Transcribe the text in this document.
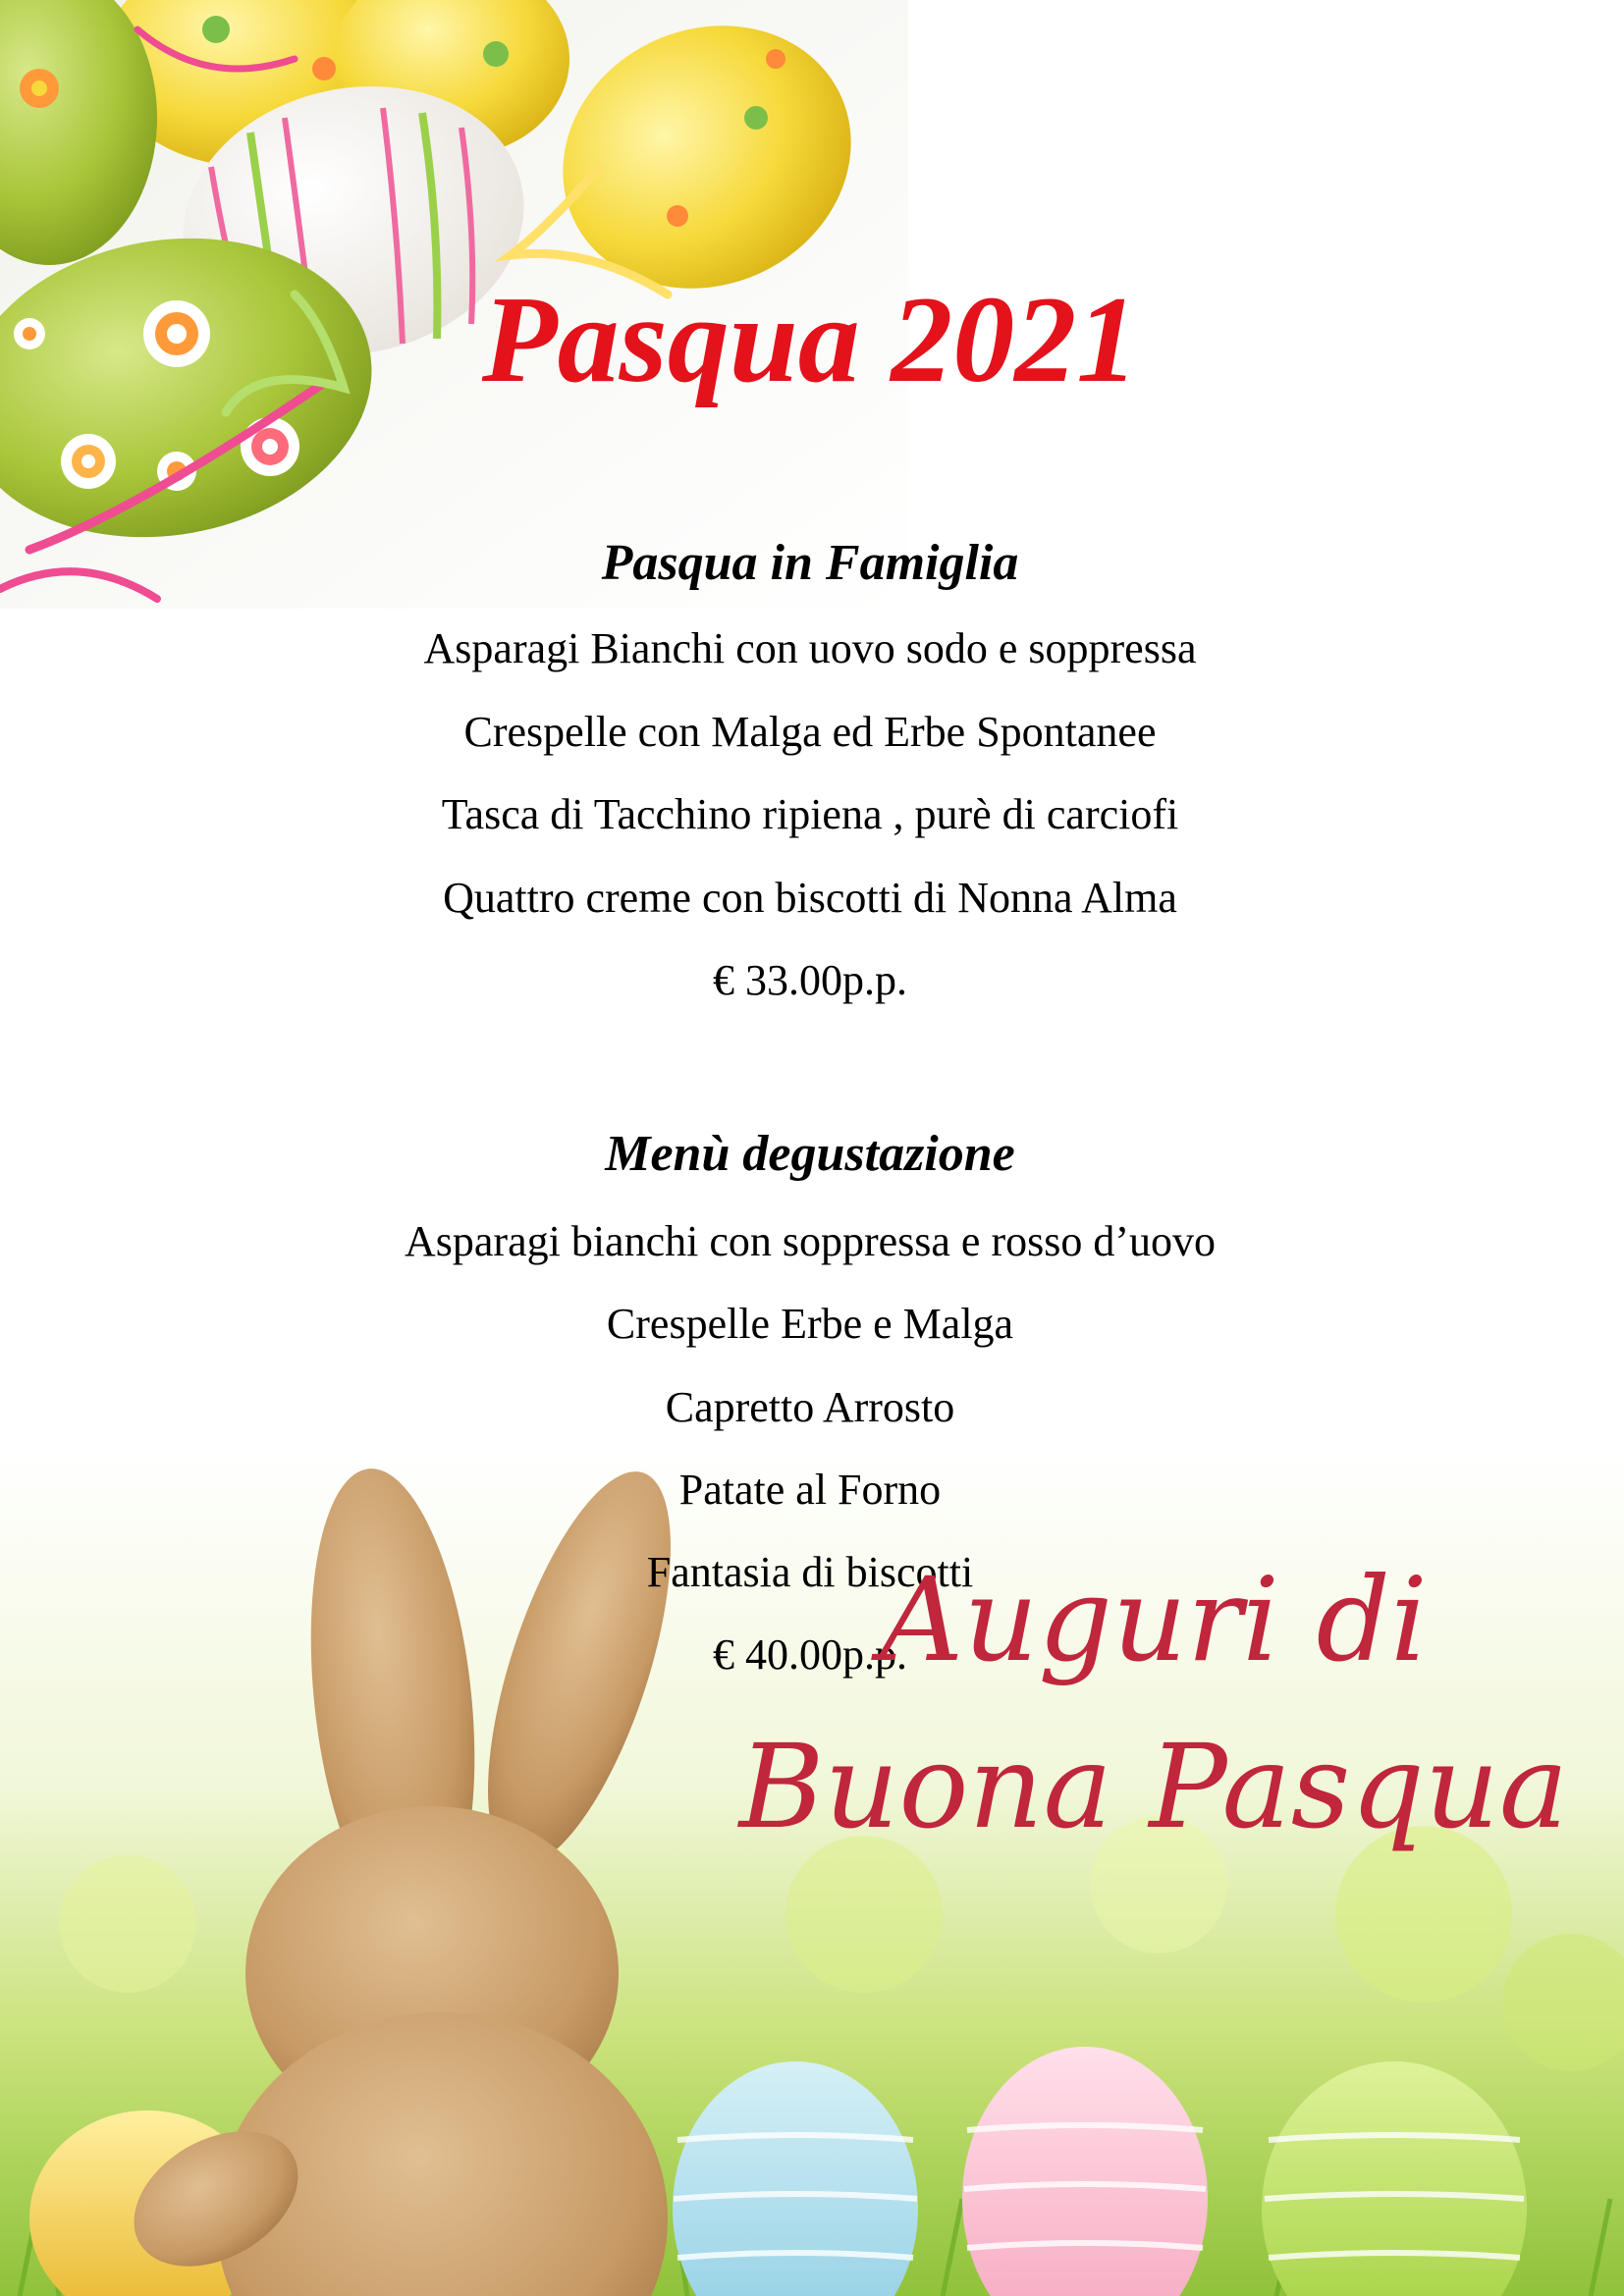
Pasqua 2021
Pasqua in Famiglia
Asparagi Bianchi con uovo sodo e soppressa
Crespelle con Malga ed Erbe Spontanee
Tasca di Tacchino ripiena , purè di carciofi
Quattro creme con biscotti di Nonna Alma
€ 33.00p.p.
Menù degustazione
Asparagi bianchi con soppressa e rosso d’uovo
Crespelle Erbe e Malga
Capretto Arrosto
Patate al Forno
Fantasia di biscotti
€ 40.00p.p.
Auguri di
Buona Pasqua
